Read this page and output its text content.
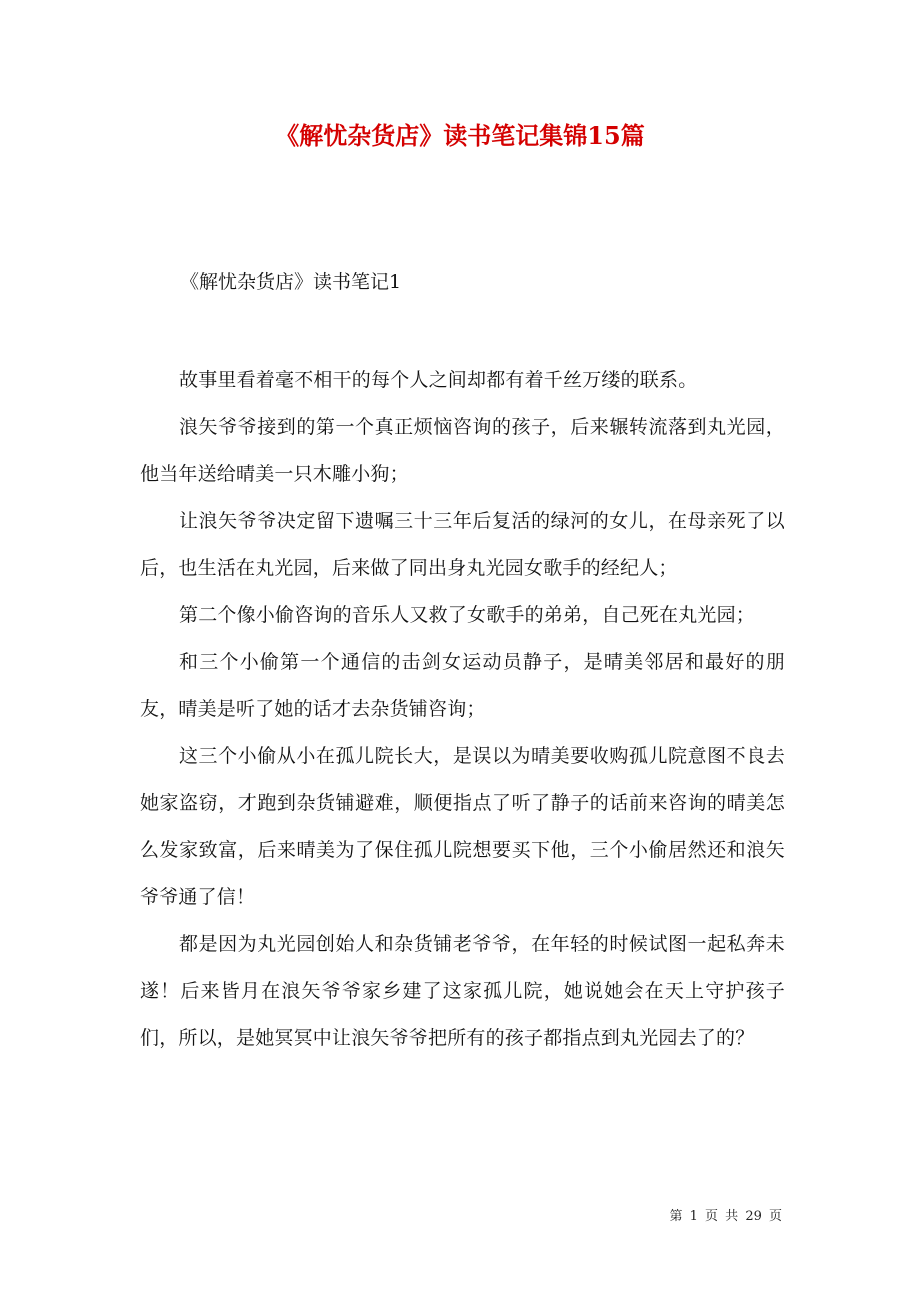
《解忧杂货店》读书笔记集锦15篇
《解忧杂货店》读书笔记1

故事里看着毫不相干的每个人之间却都有着千丝万缕的联系。

浪矢爷爷接到的第一个真正烦恼咨询的孩子，后来辗转流落到丸光园，他当年送给晴美一只木雕小狗；

让浪矢爷爷决定留下遗嘱三十三年后复活的绿河的女儿，在母亲死了以后，也生活在丸光园，后来做了同出身丸光园女歌手的经纪人；

第二个像小偷咨询的音乐人又救了女歌手的弟弟，自己死在丸光园；

和三个小偷第一个通信的击剑女运动员静子，是晴美邻居和最好的朋友，晴美是听了她的话才去杂货铺咨询；

这三个小偷从小在孤儿院长大，是误以为晴美要收购孤儿院意图不良去她家盗窃，才跑到杂货铺避难，顺便指点了听了静子的话前来咨询的晴美怎么发家致富，后来晴美为了保住孤儿院想要买下他，三个小偷居然还和浪矢爷爷通了信！

都是因为丸光园创始人和杂货铺老爷爷，在年轻的时候试图一起私奔未遂！后来皆月在浪矢爷爷家乡建了这家孤儿院，她说她会在天上守护孩子们，所以，是她冥冥中让浪矢爷爷把所有的孩子都指点到丸光园去了的？

第 1 页 共 29 页
